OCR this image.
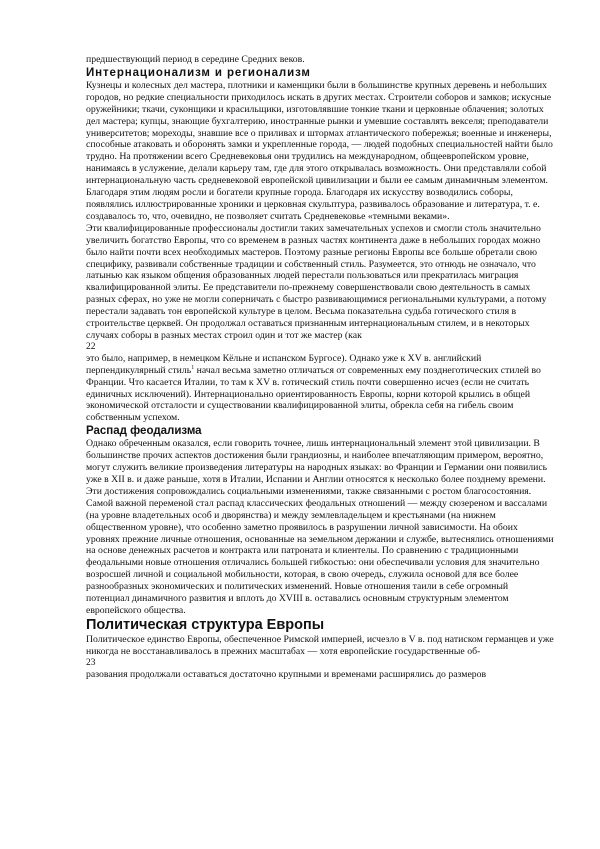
предшествующий период в середине Средних веков.

Интернационализм и регионализм

Кузнецы и колесных дел мастера, плотники и каменщики были в большинстве крупных деревень и небольших городов, но редкие специальности приходилось искать в других местах. Строители соборов и замков; искусные оружейники; ткачи, суконщики и красильщики, изготовлявшие тонкие ткани и церковные облачения; золотых дел мастера; купцы, знающие бухгалтерию, иностранные рынки и умевшие составлять векселя; преподаватели университетов; мореходы, знавшие все о приливах и штормах атлантического побережья; военные и инженеры, способные атаковать и оборонять замки и укрепленные города, — людей подобных специальностей найти было трудно. На протяжении всего Средневековья они трудились на международном, общеевропейском уровне, нанимаясь в услужение, делали карьеру там, где для этого открывалась возможность. Они представляли собой интернациональную часть средневековой европейской цивилизации и были ее самым динамичным элементом. Благодаря этим людям росли и богатели крупные города. Благодаря их искусству возводились соборы, появлялись иллюстрированные хроники и церковная скульптура, развивалось образование и литература, т. е. создавалось то, что, очевидно, не позволяет считать Средневековье «темными веками».

Эти квалифицированные профессионалы достигли таких замечательных успехов и смогли столь значительно увеличить богатство Европы, что со временем в разных частях континента даже в небольших городах можно было найти почти всех необходимых мастеров. Поэтому разные регионы Европы все больше обретали свою специфику, развивали собственные традиции и собственный стиль. Разумеется, это отнюдь не означало, что латынью как языком общения образованных людей перестали пользоваться или прекратилась миграция квалифицированной элиты. Ее представители по-прежнему совершенствовали свою деятельность в самых разных сферах, но уже не могли соперничать с быстро развивающимися региональными культурами, а потому перестали задавать тон европейской культуре в целом. Весьма показательна судьба готического стиля в строительстве церквей. Он продолжал оставаться признанным интернациональным стилем, и в некоторых случаях соборы в разных местах строил один и тот же мастер (как

22

это было, например, в немецком Кёльне и испанском Бургосе). Однако уже к XV в. английский перпендикулярный стиль$^1$ начал весьма заметно отличаться от современных ему позднеготических стилей во Франции. Что касается Италии, то там к XV в. готический стиль почти совершенно исчез (если не считать единичных исключений). Интернационально ориентированность Европы, корни которой крылись в общей экономической отсталости и существовании квалифицированной элиты, обрекла себя на гибель своим собственным успехом.

Распад феодализма

Однако обреченным оказался, если говорить точнее, лишь интернациональный элемент этой цивилизации. В большинстве прочих аспектов достижения были грандиозны, и наиболее впечатляющим примером, вероятно, могут служить великие произведения литературы на народных языках: во Франции и Германии они появились уже в XII в. и даже раньше, хотя в Италии, Испании и Англии относятся к несколько более позднему времени. Эти достижения сопровождались социальными изменениями, также связанными с ростом благосостояния. Самой важной переменой стал распад классических феодальных отношений — между сюзереном и вассалами (на уровне владетельных особ и дворянства) и между землевладельцем и крестьянами (на нижнем общественном уровне), что особенно заметно проявилось в разрушении личной зависимости. На обоих уровнях прежние личные отношения, основанные на земельном держании и службе, вытеснялись отношениями на основе денежных расчетов и контракта или патроната и клиентелы. По сравнению с традиционными феодальными новые отношения отличались большей гибкостью: они обеспечивали условия для значительно возросшей личной и социальной мобильности, которая, в свою очередь, служила основой для все более разнообразных экономических и политических изменений. Новые отношения таили в себе огромный потенциал динамичного развития и вплоть до XVIII в. оставались основным структурным элементом европейского общества.

Политическая структура Европы

Политическое единство Европы, обеспеченное Римской империей, исчезло в V в. под натиском германцев и уже никогда не восстанавливалось в прежних масштабах — хотя европейские государственные об-

23

разования продолжали оставаться достаточно крупными и временами расширялись до размеров
